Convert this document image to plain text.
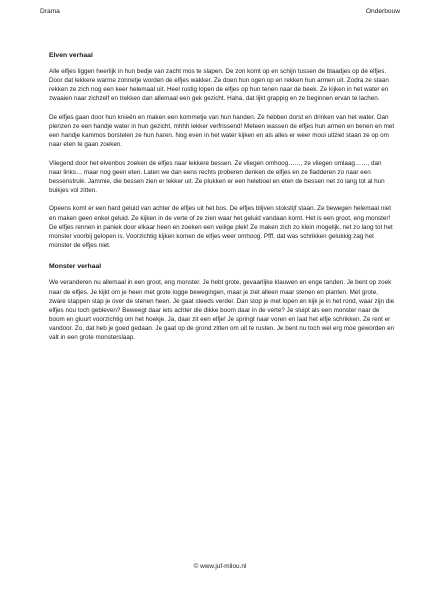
Drama	Onderbouw
Elven verhaal

Alle elfjes liggen heerlijk in hun bedje van zacht mos te slapen. De zon komt op en schijn tussen de blaadjes op de elfjes. Door dat lekkere warme zonnetje worden de elfjes wakker. Ze doen hun ogen op en rekken hun armen uit. Zodra ze staan rekken ze zich nog een keer helemaal uit. Heel rustig lopen de elfjes op hun tenen naar de beek. Ze kijken in het water en zwaaien naar zichzelf en trekken dan allemaal een gek gezicht. Haha, dat lijkt grappig en ze beginnen ervan te lachen.

De elfjes gaan door hun knieën en maken een kommetje van hun handen. Ze hebben dorst en drinken van het water. Dan plenzen ze een handje water in hun gezicht, mhhh lekker verfrissend! Meteen wassen de elfjes hun armen en benen en met een handje kammos borstelen ze hun haren. Nog even in het water kijken en als alles er weer mooi uitziet staan ze op om naar eten te gaan zoeken.

Vliegend door het elvenbos zoeken de elfjes naar lekkere bessen. Ze vliegen omhoog……, ze vliegen omlaag……, dan naar links… maar nog geen eten. Laten we dan eens rechts proberen denken de elfjes en ze fladderen zo naar een bessenstruik. Jammie, die bessen zien er lekker uit. Ze plukken er een heleboel en eten de bessen net zo lang tot al hun buikjes vol zitten.

Opeens komt er een hard geluid van achter de elfjes uit het bos. De elfjes blijven stokstijf staan. Ze bewegen helemaal niet en maken geen enkel geluid. Ze kijken in de verte of ze zien waar het geluid vandaan komt. Het is een groot, eng monster! De elfjes rennen in paniek door elkaar heen en zoeken een veilige plek! Ze maken zich zo klein mogelijk, net zo lang tot het monster voorbij gelopen is. Voorzichtig kijken komen de elfjes weer omhoog. Pfff, dat was schrikken gelukkig zag het monster de elfjes niet.

Monster verhaal

We veranderen nu allemaal in een groot, eng monster. Je hebt grote, gevaarlijke klauwen en enge tanden. Je bent op zoek naar de elfjes. Je kijkt om je heen met grote logge bewegingen, maar je ziet alleen maar stenen en planten. Met grote, zware stappen stap je over de stenen heen. Je gaat steeds verder. Dan stop je met lopen en kijk je in het rond, waar zijn die elfjes nou toch gebleven? Beweegt daar iets achter die dikke boom daar in de verte? Je sluipt als een monster naar de boom en gluurt voorzichtig om het hoekje. Ja, daar zit een elfje! Je springt naar voren en laat het elfje schrikken. Ze rent er vandoor. Zo, dat heb je goed gedaan. Je gaat op de grond zitten om uit te rusten. Je bent nu toch wel erg moe geworden en valt in een grote monsterslaap.

© www.juf-milou.nl
